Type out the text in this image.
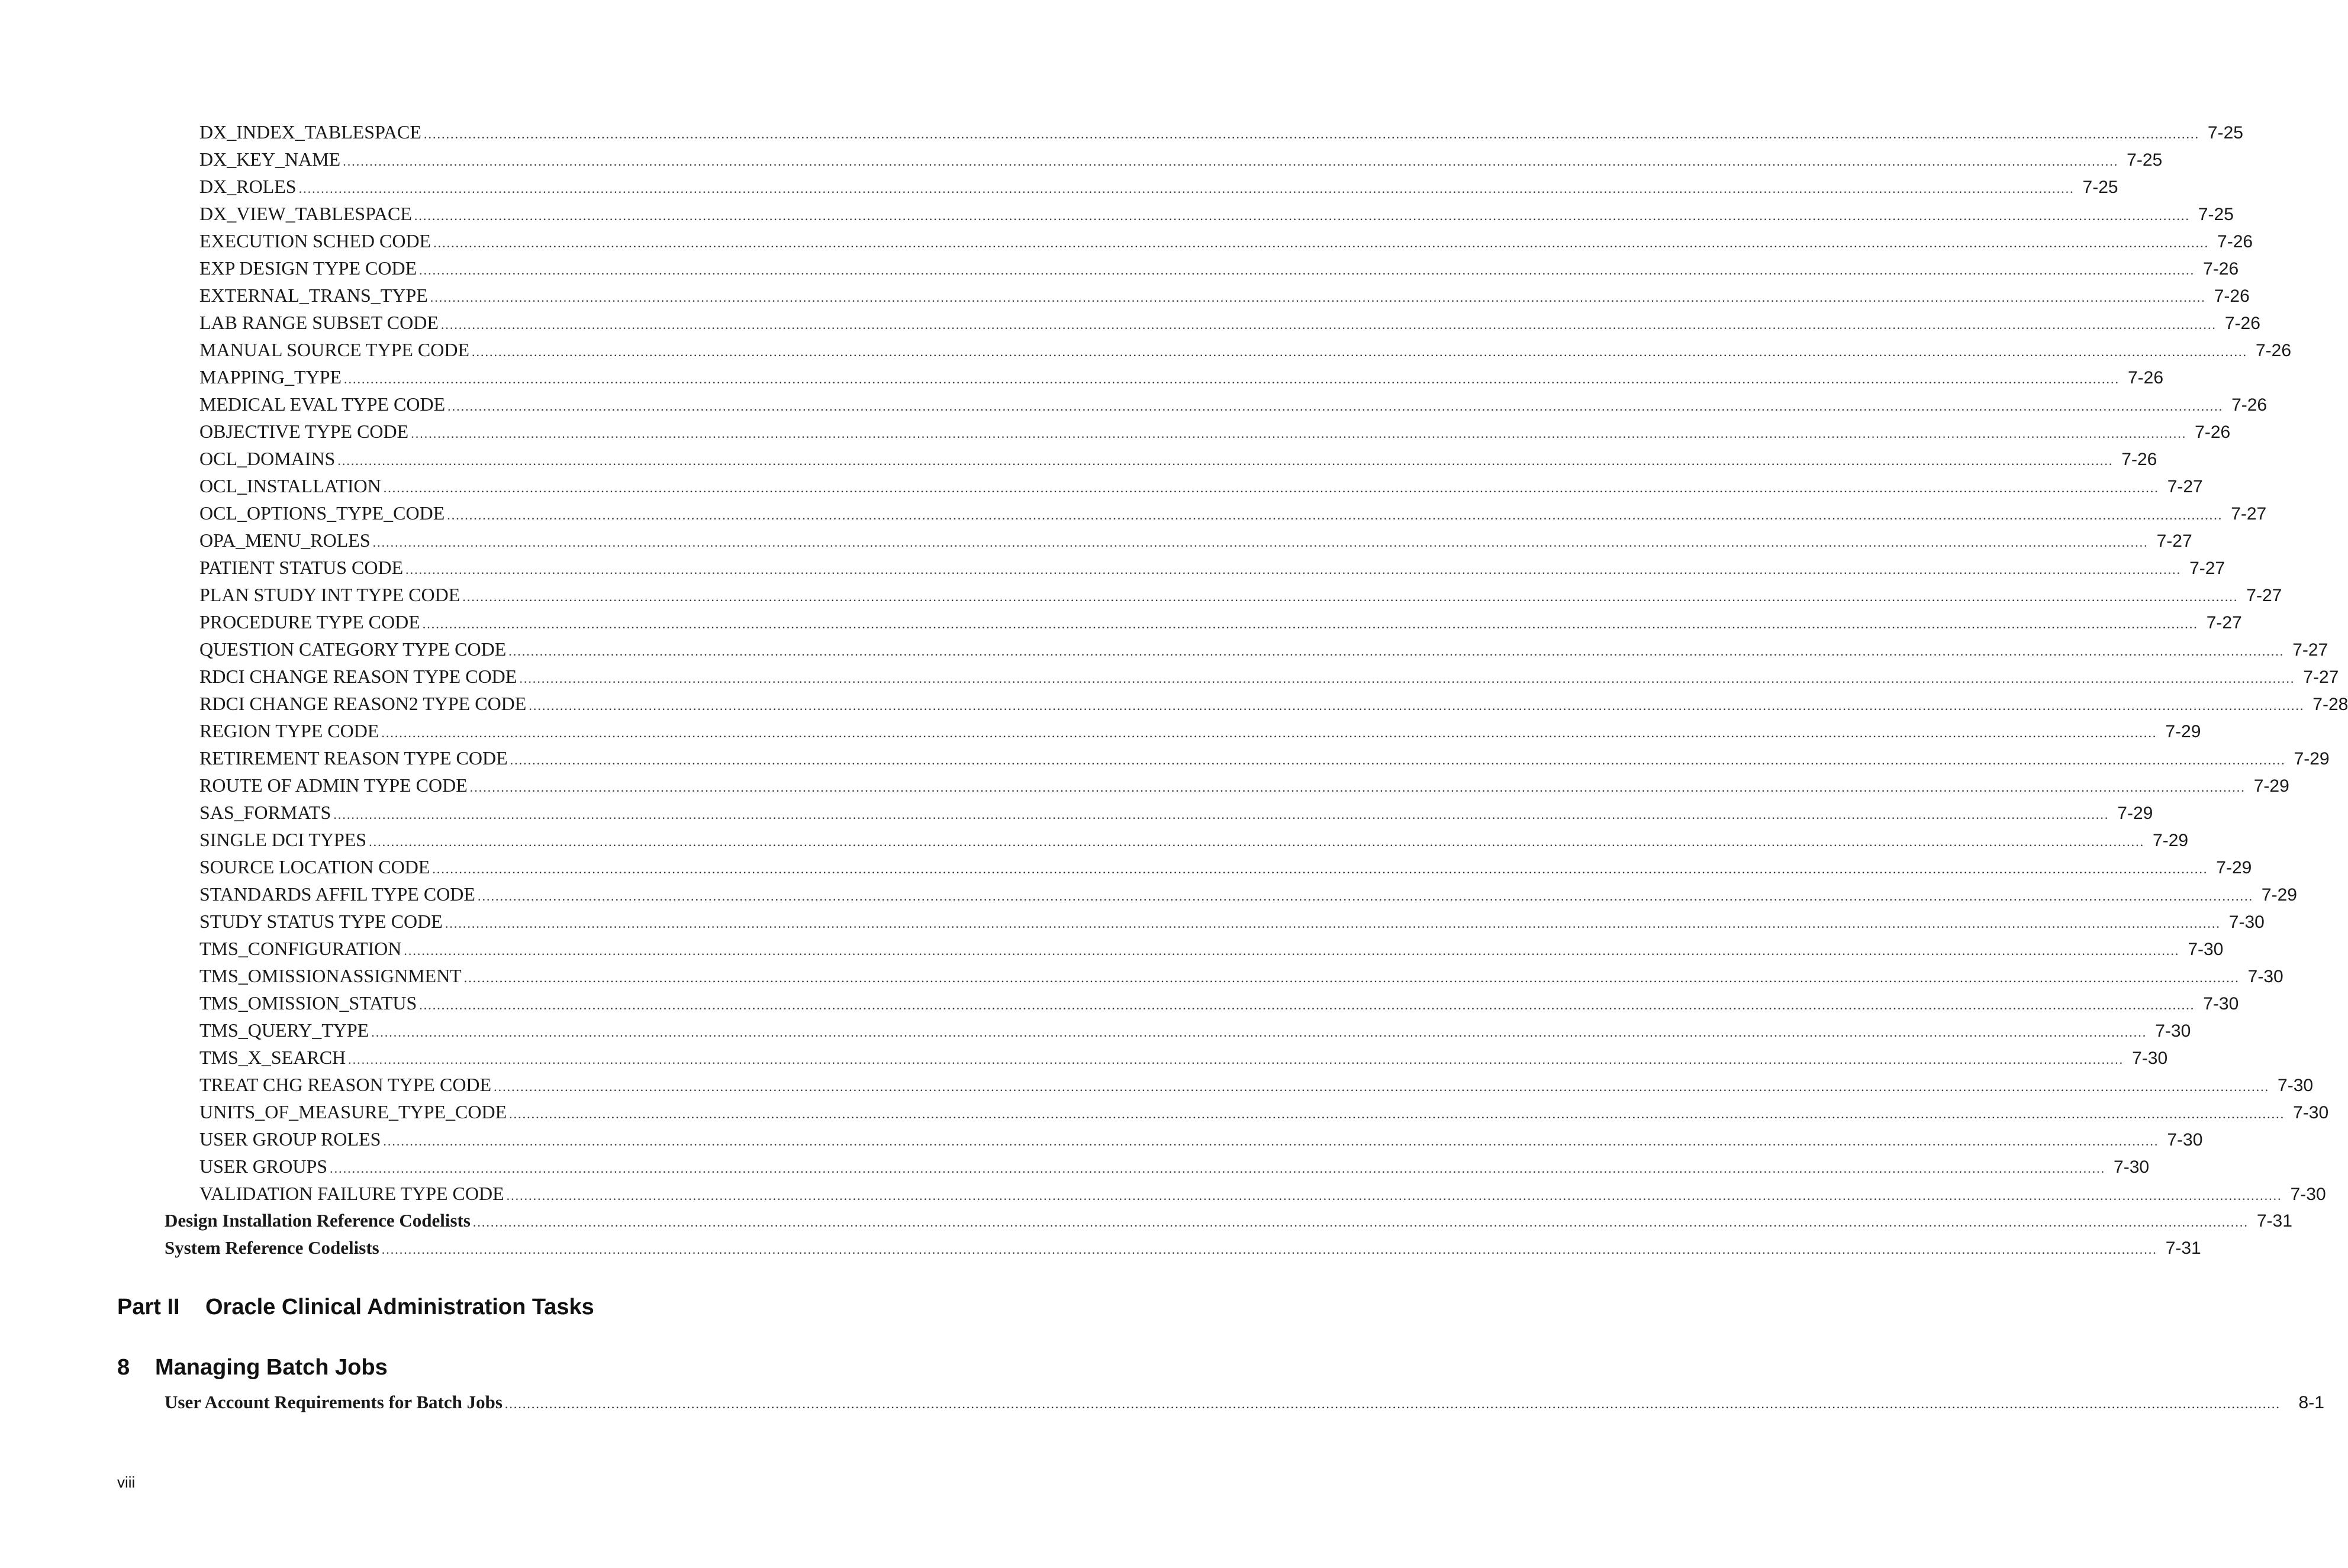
DX_INDEX_TABLESPACE ................................................................................................................................................................................................................................................................................................................................................................................................................ 7-25
DX_KEY_NAME ................................................................................................................................................................................................................................................................................................................................................................................................................ 7-25
DX_ROLES ................................................................................................................................................................................................................................................................................................................................................................................................................ 7-25
DX_VIEW_TABLESPACE ................................................................................................................................................................................................................................................................................................................................................................................................................ 7-25
EXECUTION SCHED CODE ................................................................................................................................................................................................................................................................................................................................................................................................................ 7-26
EXP DESIGN TYPE CODE ................................................................................................................................................................................................................................................................................................................................................................................................................ 7-26
EXTERNAL_TRANS_TYPE ................................................................................................................................................................................................................................................................................................................................................................................................................ 7-26
LAB RANGE SUBSET CODE ................................................................................................................................................................................................................................................................................................................................................................................................................ 7-26
MANUAL SOURCE TYPE CODE ................................................................................................................................................................................................................................................................................................................................................................................................................ 7-26
MAPPING_TYPE ................................................................................................................................................................................................................................................................................................................................................................................................................ 7-26
MEDICAL EVAL TYPE CODE ................................................................................................................................................................................................................................................................................................................................................................................................................ 7-26
OBJECTIVE TYPE CODE ................................................................................................................................................................................................................................................................................................................................................................................................................ 7-26
OCL_DOMAINS ................................................................................................................................................................................................................................................................................................................................................................................................................ 7-26
OCL_INSTALLATION ................................................................................................................................................................................................................................................................................................................................................................................................................ 7-27
OCL_OPTIONS_TYPE_CODE ................................................................................................................................................................................................................................................................................................................................................................................................................ 7-27
OPA_MENU_ROLES ................................................................................................................................................................................................................................................................................................................................................................................................................ 7-27
PATIENT STATUS CODE ................................................................................................................................................................................................................................................................................................................................................................................................................ 7-27
PLAN STUDY INT TYPE CODE ................................................................................................................................................................................................................................................................................................................................................................................................................ 7-27
PROCEDURE TYPE CODE ................................................................................................................................................................................................................................................................................................................................................................................................................ 7-27
QUESTION CATEGORY TYPE CODE ................................................................................................................................................................................................................................................................................................................................................................................................................ 7-27
RDCI CHANGE REASON TYPE CODE ................................................................................................................................................................................................................................................................................................................................................................................................................ 7-27
RDCI CHANGE REASON2 TYPE CODE ................................................................................................................................................................................................................................................................................................................................................................................................................ 7-28
REGION TYPE CODE ................................................................................................................................................................................................................................................................................................................................................................................................................ 7-29
RETIREMENT REASON TYPE CODE ................................................................................................................................................................................................................................................................................................................................................................................................................ 7-29
ROUTE OF ADMIN TYPE CODE ................................................................................................................................................................................................................................................................................................................................................................................................................ 7-29
SAS_FORMATS ................................................................................................................................................................................................................................................................................................................................................................................................................ 7-29
SINGLE DCI TYPES ................................................................................................................................................................................................................................................................................................................................................................................................................ 7-29
SOURCE LOCATION CODE ................................................................................................................................................................................................................................................................................................................................................................................................................ 7-29
STANDARDS AFFIL TYPE CODE ................................................................................................................................................................................................................................................................................................................................................................................................................ 7-29
STUDY STATUS TYPE CODE ................................................................................................................................................................................................................................................................................................................................................................................................................ 7-30
TMS_CONFIGURATION ................................................................................................................................................................................................................................................................................................................................................................................................................ 7-30
TMS_OMISSIONASSIGNMENT ................................................................................................................................................................................................................................................................................................................................................................................................................ 7-30
TMS_OMISSION_STATUS ................................................................................................................................................................................................................................................................................................................................................................................................................ 7-30
TMS_QUERY_TYPE ................................................................................................................................................................................................................................................................................................................................................................................................................ 7-30
TMS_X_SEARCH ................................................................................................................................................................................................................................................................................................................................................................................................................ 7-30
TREAT CHG REASON TYPE CODE ................................................................................................................................................................................................................................................................................................................................................................................................................ 7-30
UNITS_OF_MEASURE_TYPE_CODE ................................................................................................................................................................................................................................................................................................................................................................................................................ 7-30
USER GROUP ROLES ................................................................................................................................................................................................................................................................................................................................................................................................................ 7-30
USER GROUPS ................................................................................................................................................................................................................................................................................................................................................................................................................ 7-30
VALIDATION FAILURE TYPE CODE ................................................................................................................................................................................................................................................................................................................................................................................................................ 7-30
Design Installation Reference Codelists ................................................................................................................................................................................................................................................................................................................................................................................................................ 7-31
System Reference Codelists ................................................................................................................................................................................................................................................................................................................................................................................................................ 7-31
Part II Oracle Clinical Administration Tasks
8 Managing Batch Jobs
User Account Requirements for Batch Jobs ................................................................................................................................................................................................................................................................................................................................................................................................................	8-1
viii
